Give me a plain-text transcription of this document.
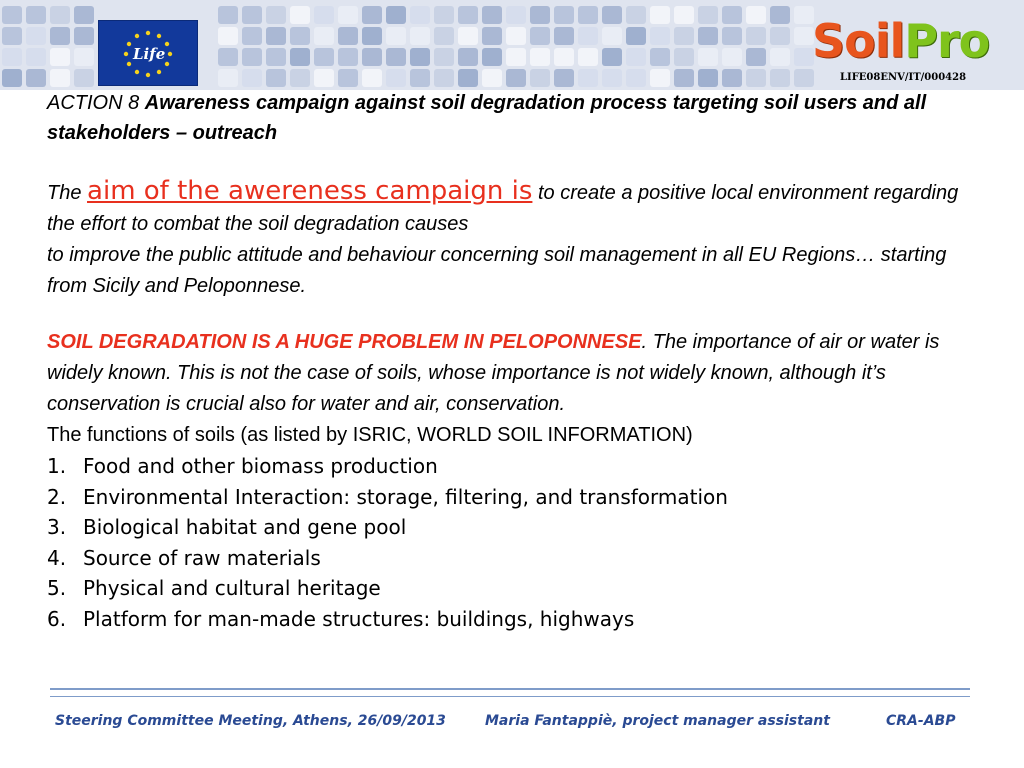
Life	SoilPro
LIFE08ENV/IT/000428

ACTION 8 Awareness campaign against soil degradation process targeting soil users and all stakeholders – outreach

The aim of the awereness campaign is to create a positive local environment regarding the effort to combat the soil degradation causes
to improve the public attitude and behaviour concerning soil management in all EU Regions… starting from Sicily and Peloponnese.
SOIL DEGRADATION IS A HUGE PROBLEM IN PELOPONNESE. The importance of air or water is widely known. This is not the case of soils, whose importance is not widely known, although it’s conservation is crucial also for water and air, conservation.

The functions of soils (as listed by ISRIC, WORLD SOIL INFORMATION)

1. Food and other biomass production
2. Environmental Interaction: storage, filtering, and transformation
3. Biological habitat and gene pool
4. Source of raw materials
5. Physical and cultural heritage
6. Platform for man-made structures: buildings, highways
Steering Committee Meeting, Athens, 26/09/2013	Maria Fantappiè, project manager assistant	CRA-ABP
